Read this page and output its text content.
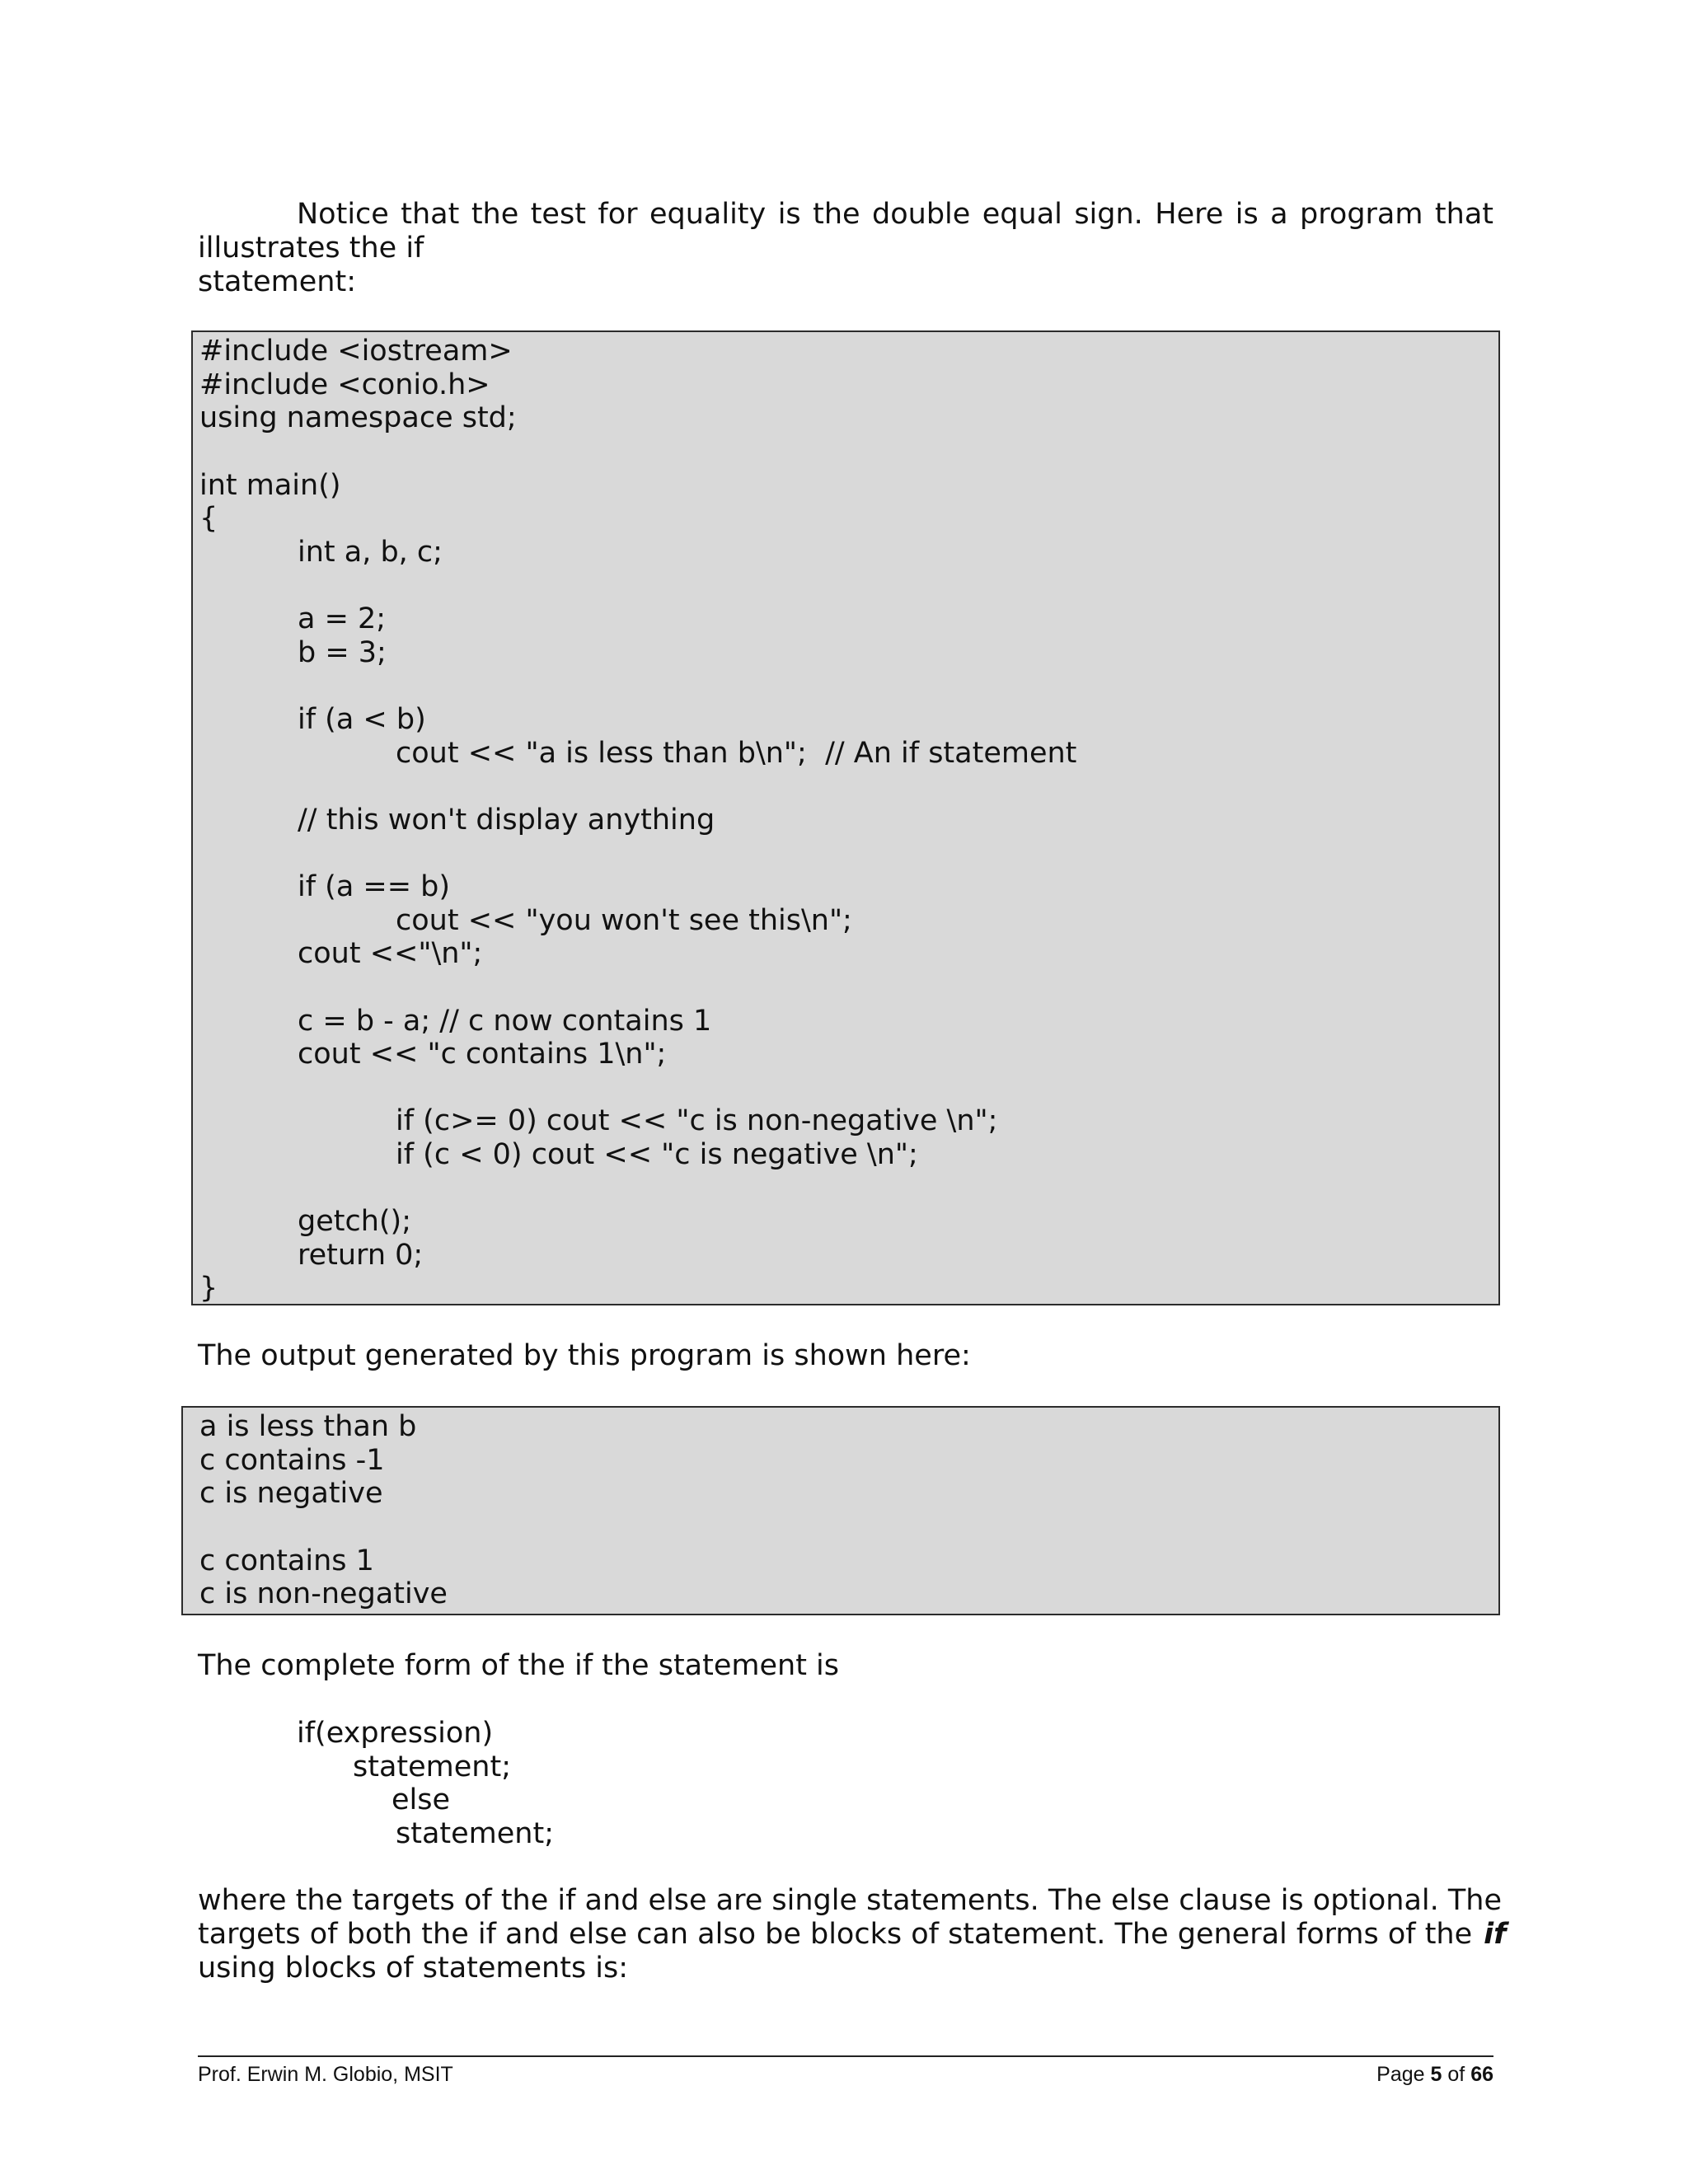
Notice that the test for equality is the double equal sign. Here is a program that
illustrates the if
statement:
#include <iostream>
#include <conio.h>
using namespace std;
int main()
{
int a, b, c;
a = 2;
b = 3;
if (a < b)
cout << "a is less than b\n";  // An if statement
// this won't display anything
if (a == b)
cout << "you won't see this\n";
cout <<"\n";
c = b - a; // c now contains 1
cout << "c contains 1\n";
if (c>= 0) cout << "c is non-negative \n";
if (c < 0) cout << "c is negative \n";
getch();
return 0;
}
The output generated by this program is shown here:
a is less than b
c contains -1
c is negative
c contains 1
c is non-negative
The complete form of the if the statement is
if(expression)
statement;
else
statement;
where the targets of the if and else are single statements. The else clause is optional. The
targets of both the if and else can also be blocks of statement. The general forms of the if
using blocks of statements is:
Prof. Erwin M. Globio, MSIT	Page 5 of 66
